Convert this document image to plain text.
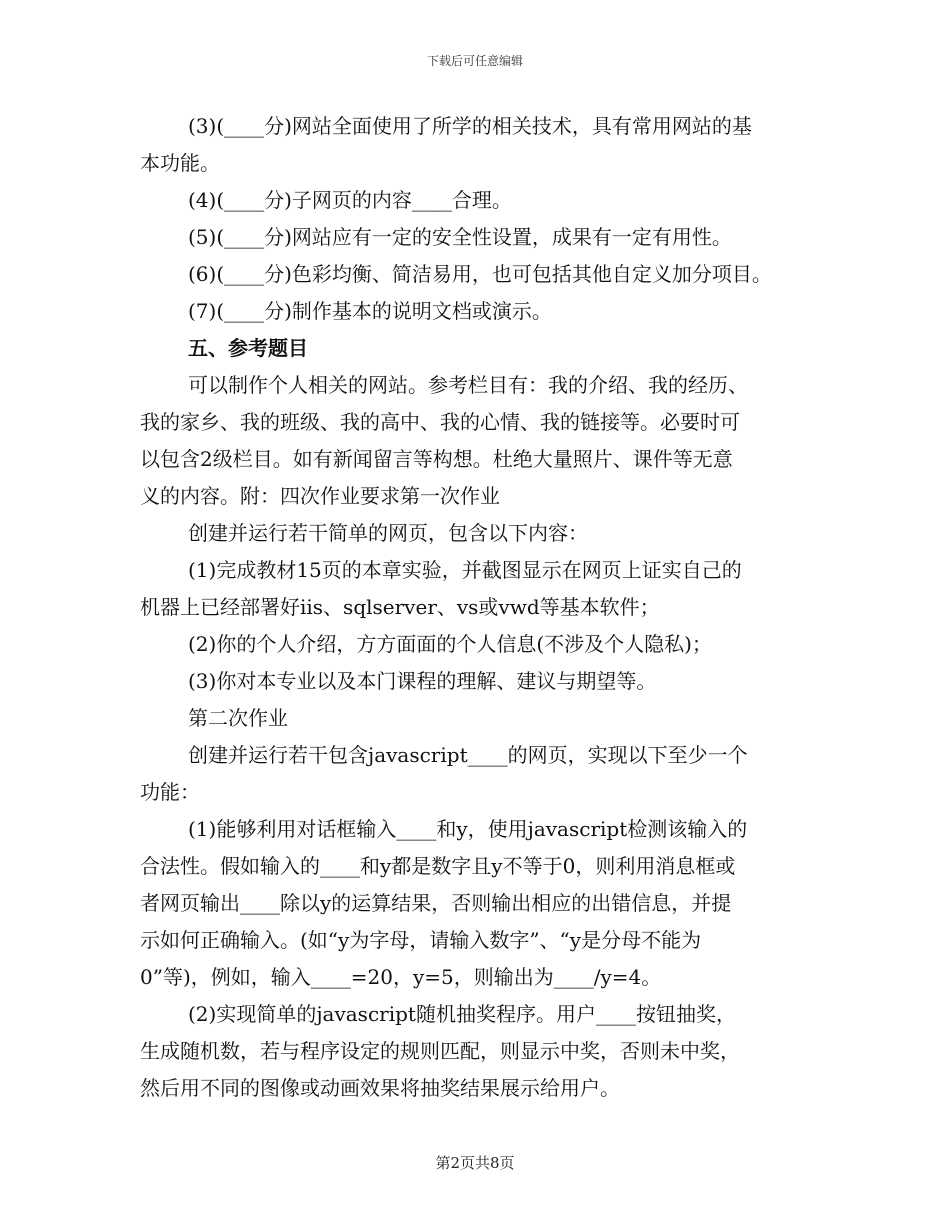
下载后可任意编辑
(3)(____分)网站全面使用了所学的相关技术，具有常用网站的基
本功能。
(4)(____分)子网页的内容____合理。
(5)(____分)网站应有一定的安全性设置，成果有一定有用性。
(6)(____分)色彩均衡、简洁易用，也可包括其他自定义加分项目。
(7)(____分)制作基本的说明文档或演示。
五、参考题目
可以制作个人相关的网站。参考栏目有：我的介绍、我的经历、
我的家乡、我的班级、我的高中、我的心情、我的链接等。必要时可
以包含2级栏目。如有新闻留言等构想。杜绝大量照片、课件等无意
义的内容。附：四次作业要求第一次作业
创建并运行若干简单的网页，包含以下内容：
(1)完成教材15页的本章实验，并截图显示在网页上证实自己的
机器上已经部署好iis、sqlserver、vs或vwd等基本软件；
(2)你的个人介绍，方方面面的个人信息(不涉及个人隐私)；
(3)你对本专业以及本门课程的理解、建议与期望等。
第二次作业
创建并运行若干包含javascript____的网页，实现以下至少一个
功能：
(1)能够利用对话框输入____和y，使用javascript检测该输入的
合法性。假如输入的____和y都是数字且y不等于0，则利用消息框或
者网页输出____除以y的运算结果，否则输出相应的出错信息，并提
示如何正确输入。(如“y为字母，请输入数字”、“y是分母不能为
0”等)，例如，输入____=20，y=5，则输出为____/y=4。
(2)实现简单的javascript随机抽奖程序。用户____按钮抽奖，
生成随机数，若与程序设定的规则匹配，则显示中奖，否则未中奖，
然后用不同的图像或动画效果将抽奖结果展示给用户。
第2页共8页
